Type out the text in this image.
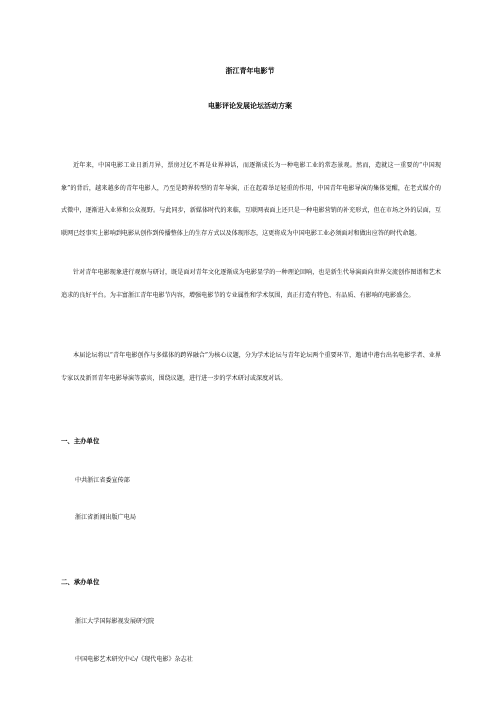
浙江青年电影节
电影评论发展论坛活动方案

近年来，中国电影工业日新月异，票房过亿不再是业界神话，而逐渐成长为一种电影工业的常态景观。然而，造就这一重要的“中国现象”的背后，越来越多的青年电影人，乃至是跨界转型的青年导演，正在起着举足轻重的作用，中国青年电影导演的集体觉醒，在老式媒介的式微中，逐渐进入业界和公众视野。与此同步，新媒体时代的来临，互联网表面上还只是一种电影营销的补充形式，但在市场之外的层面，互联网已经事实上影响到电影从创作到传播整体上的生存方式以及体现形态，这更将成为中国电影工业必须面对和做出应答的时代命题。

针对青年电影现象进行观察与研讨，既是面对青年文化逐渐成为电影显学的一种理论回响，也是新生代导演面向世界交流创作图谱和艺术追求的良好平台。为丰富浙江青年电影节内容，增强电影节的专业属性和学术氛围，真正打造有特色、有品质、有影响的电影盛会。

本届论坛将以“青年电影创作与多媒体的跨界融合”为核心议题，分为学术论坛与青年论坛两个重要环节，邀请中港台出名电影学者、业界专家以及新晋青年电影导演等嘉宾，围绕议题，进行进一步的学术研讨或深度对话。

一、主办单位
中共浙江省委宣传部
浙江省新闻出版广电局
二、承办单位
浙江大学国际影视发展研究院
中国电影艺术研究中心/《现代电影》杂志社
